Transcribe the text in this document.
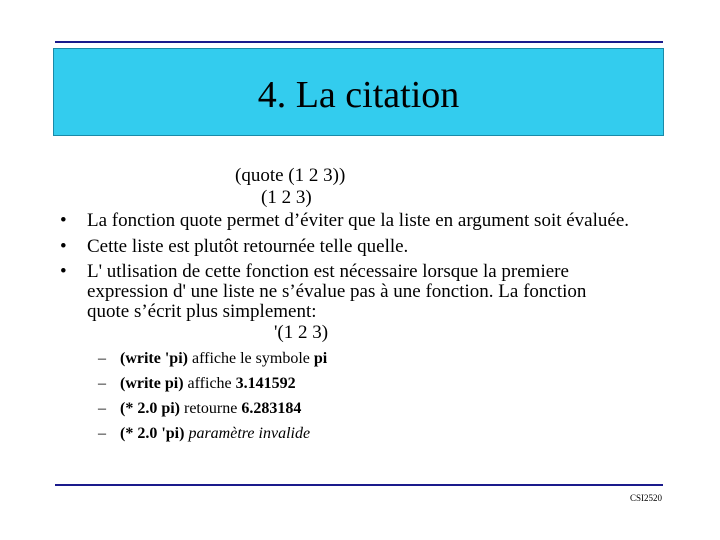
4. La citation
(quote (1 2 3))
(1 2 3)
• La fonction quote permet d’éviter que la liste en argument soit évaluée.
• Cette liste est plutôt retournée telle quelle.
• L' utlisation de cette fonction est nécessaire lorsque la premiere
expression d' une liste ne s’évalue pas à une fonction. La fonction
quote s’écrit plus simplement:
'(1 2 3)
– (write 'pi) affiche le symbole pi
– (write pi) affiche 3.141592
– (* 2.0 pi) retourne 6.283184
– (* 2.0 'pi) paramètre invalide
CSI2520
